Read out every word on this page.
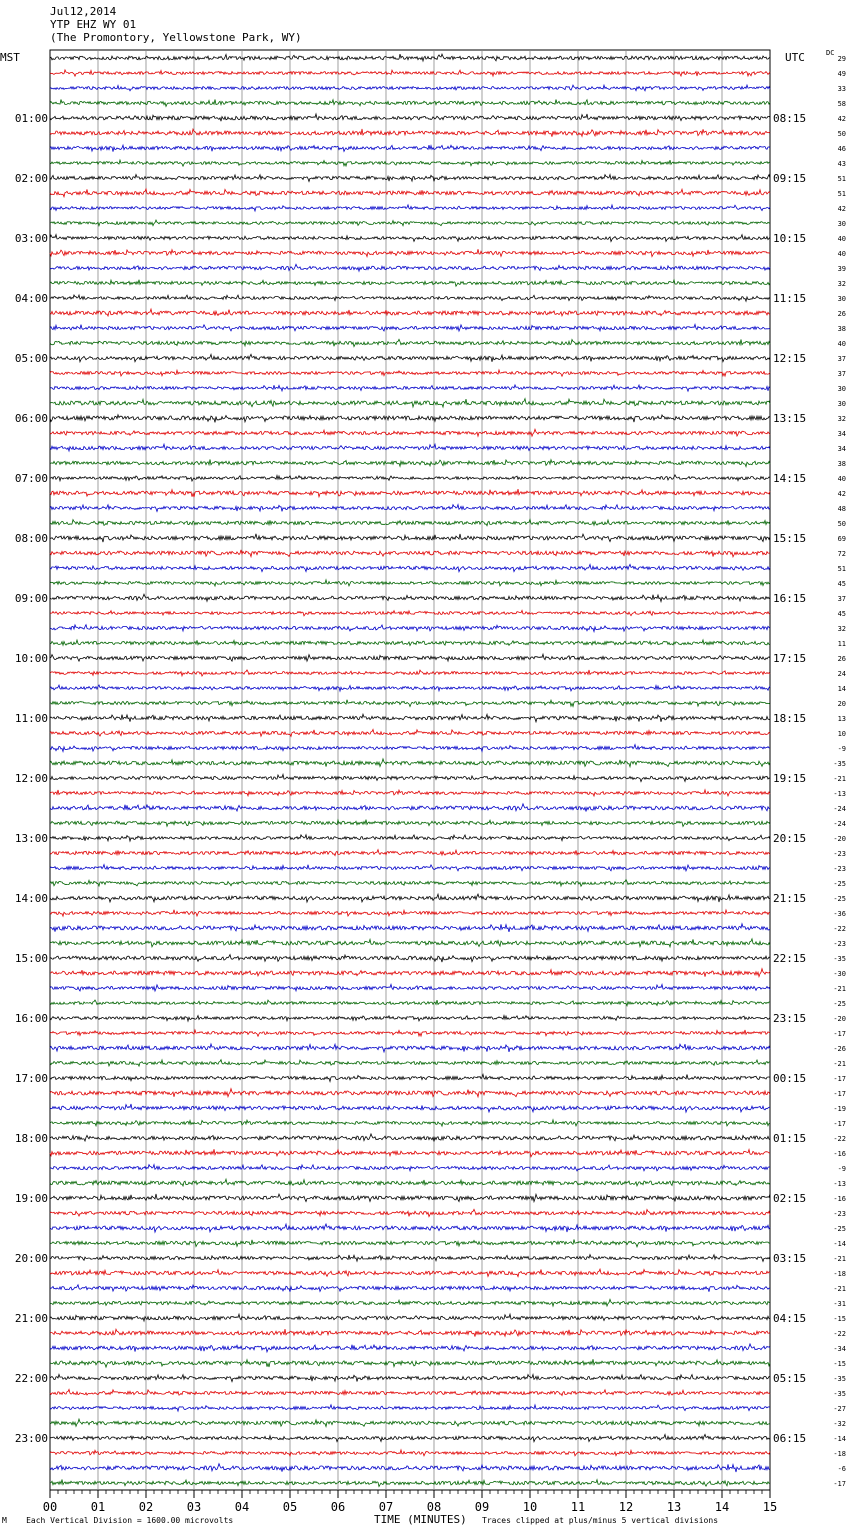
Jul12,2014
YTP EHZ WY 01
(The Promontory, Yellowstone Park, WY)
MST	UTC	DC
29
49
33
58
42
50
46
43
51
51
42
30
40
40
39
32
30
26
38
40
37
37
30
30
32
34
34
38
40
42
48
50
69
72
51
45
37
45
32
11
26
24
14
20
13
10
-9
-35
-21
-13
-24
-24
-20
-23
-23
-25
-25
-36
-22
-23
-35
-30
-21
-25
-20
-17
-26
-21
-17
-17
-19
-17
-22
-16
-9
-13
-16
-23
-25
-14
-21
-18
-21
-31
-15
-22
-34
-15
-35
-35
-27
-32
-14
-18
-6
-17
01:00
02:00
03:00
04:00
05:00
06:00
07:00
08:00
09:00
10:00
11:00
12:00
13:00
14:00
15:00
16:00
17:00
18:00
19:00
20:00
21:00
22:00
23:00
08:15
09:15
10:15
11:15
12:15
13:15
14:15
15:15
16:15
17:15
18:15
19:15
20:15
21:15
22:15
23:15
00:15
01:15
02:15
03:15
04:15
05:15
06:15
00	01	02	03	04	05	06	07	08	09	10	11	12	13	14	15
M Each Vertical Division = 1600.00 microvolts	TIME (MINUTES) Traces clipped at plus/minus 5 vertical divisions
